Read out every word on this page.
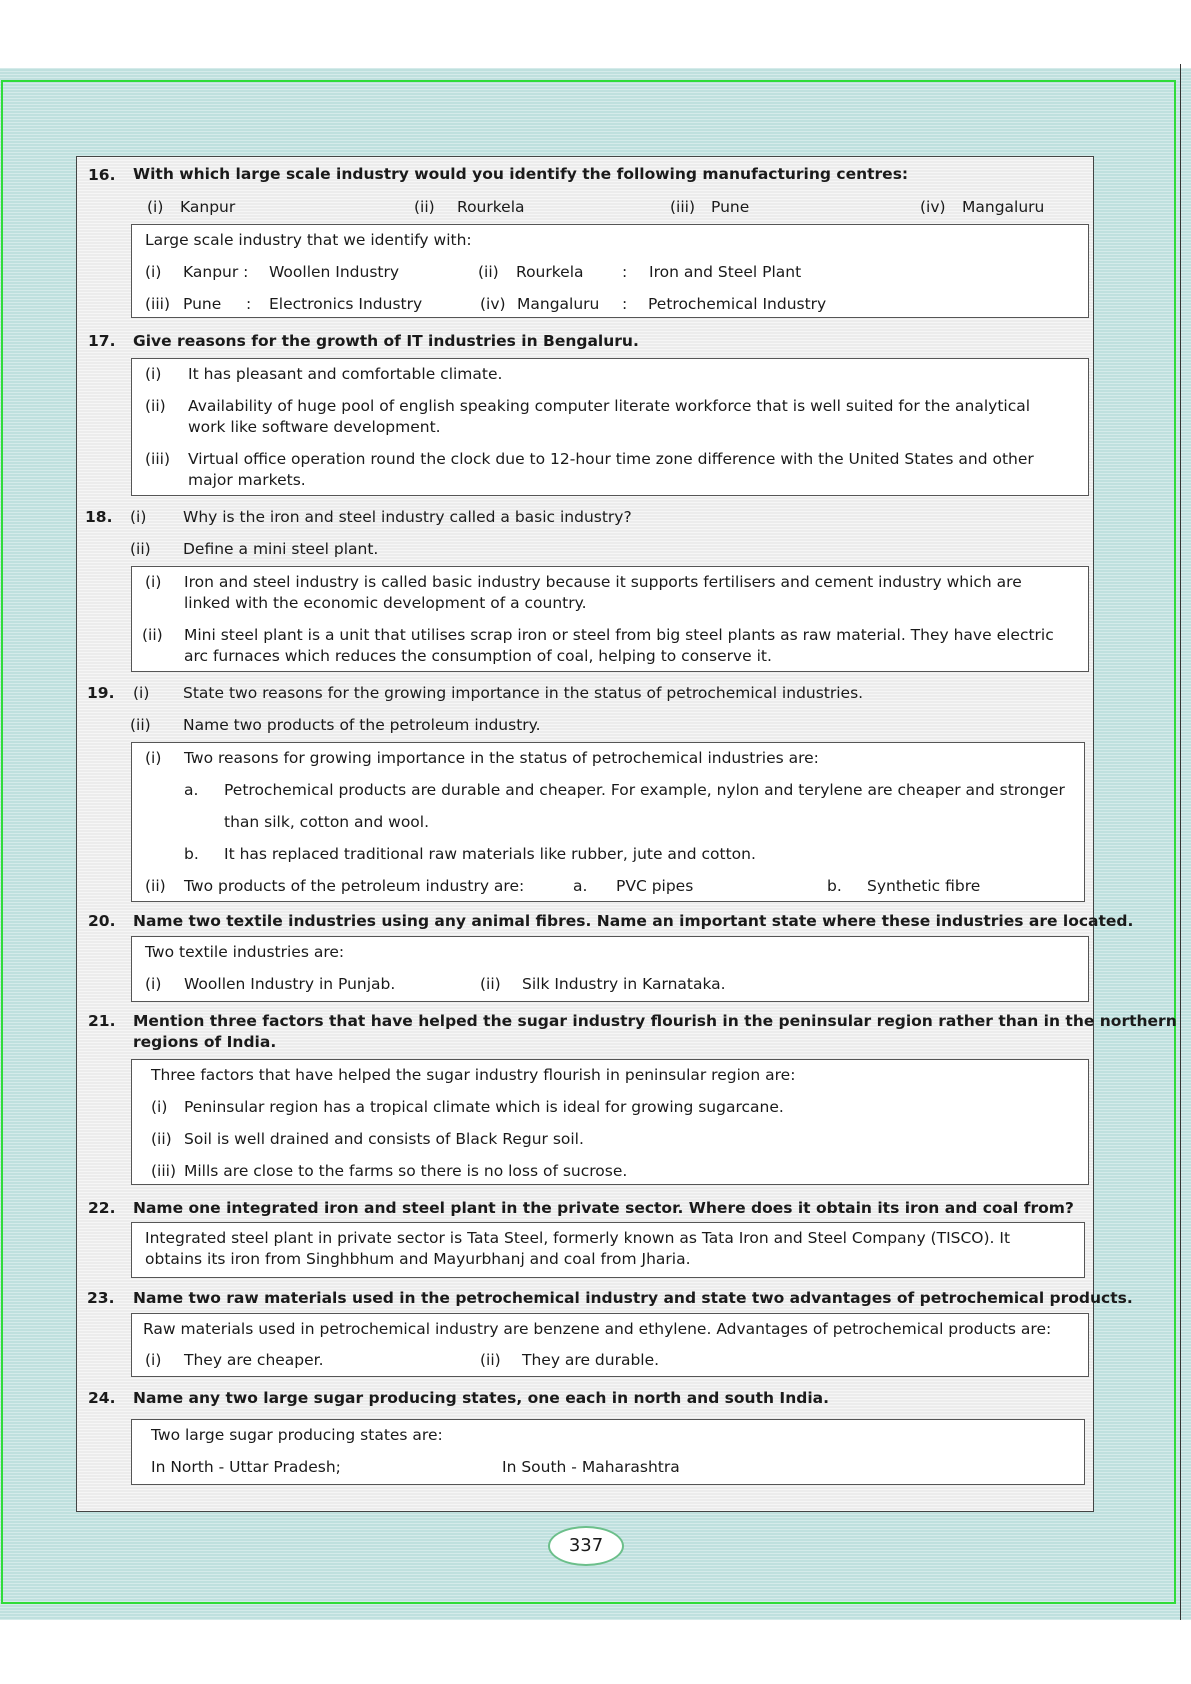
16. With which large scale industry would you identify the following manufacturing centres:
(i) Kanpur	(ii) Rourkela	(iii) Pune	(iv) Mangaluru
Large scale industry that we identify with:
(i) Kanpur : Woollen Industry	(ii) Rourkela : Iron and Steel Plant
(iii) Pune : Electronics Industry	(iv) Mangaluru : Petrochemical Industry
17. Give reasons for the growth of IT industries in Bengaluru.
(i) It has pleasant and comfortable climate.
(ii) Availability of huge pool of english speaking computer literate workforce that is well suited for the analytical
work like software development.
(iii) Virtual office operation round the clock due to 12-hour time zone difference with the United States and other
major markets.
18. (i) Why is the iron and steel industry called a basic industry?
(ii) Define a mini steel plant.
(i) Iron and steel industry is called basic industry because it supports fertilisers and cement industry which are
linked with the economic development of a country.
(ii) Mini steel plant is a unit that utilises scrap iron or steel from big steel plants as raw material. They have electric
arc furnaces which reduces the consumption of coal, helping to conserve it.
19. (i) State two reasons for the growing importance in the status of petrochemical industries.
(ii) Name two products of the petroleum industry.
(i) Two reasons for growing importance in the status of petrochemical industries are:
a. Petrochemical products are durable and cheaper. For example, nylon and terylene are cheaper and stronger
than silk, cotton and wool.
b. It has replaced traditional raw materials like rubber, jute and cotton.
(ii) Two products of the petroleum industry are:	a. PVC pipes	b. Synthetic fibre
20. Name two textile industries using any animal fibres. Name an important state where these industries are located.
Two textile industries are:
(i) Woollen Industry in Punjab.	(ii) Silk Industry in Karnataka.
21. Mention three factors that have helped the sugar industry flourish in the peninsular region rather than in the northern
regions of India.
Three factors that have helped the sugar industry flourish in peninsular region are:
(i) Peninsular region has a tropical climate which is ideal for growing sugarcane.
(ii) Soil is well drained and consists of Black Regur soil.
(iii) Mills are close to the farms so there is no loss of sucrose.
22. Name one integrated iron and steel plant in the private sector. Where does it obtain its iron and coal from?
Integrated steel plant in private sector is Tata Steel, formerly known as Tata Iron and Steel Company (TISCO). It
obtains its iron from Singhbhum and Mayurbhanj and coal from Jharia.
23. Name two raw materials used in the petrochemical industry and state two advantages of petrochemical products.
Raw materials used in petrochemical industry are benzene and ethylene. Advantages of petrochemical products are:
(i) They are cheaper.	(ii) They are durable.
24. Name any two large sugar producing states, one each in north and south India.
Two large sugar producing states are:
In North - Uttar Pradesh;	In South - Maharashtra
337
